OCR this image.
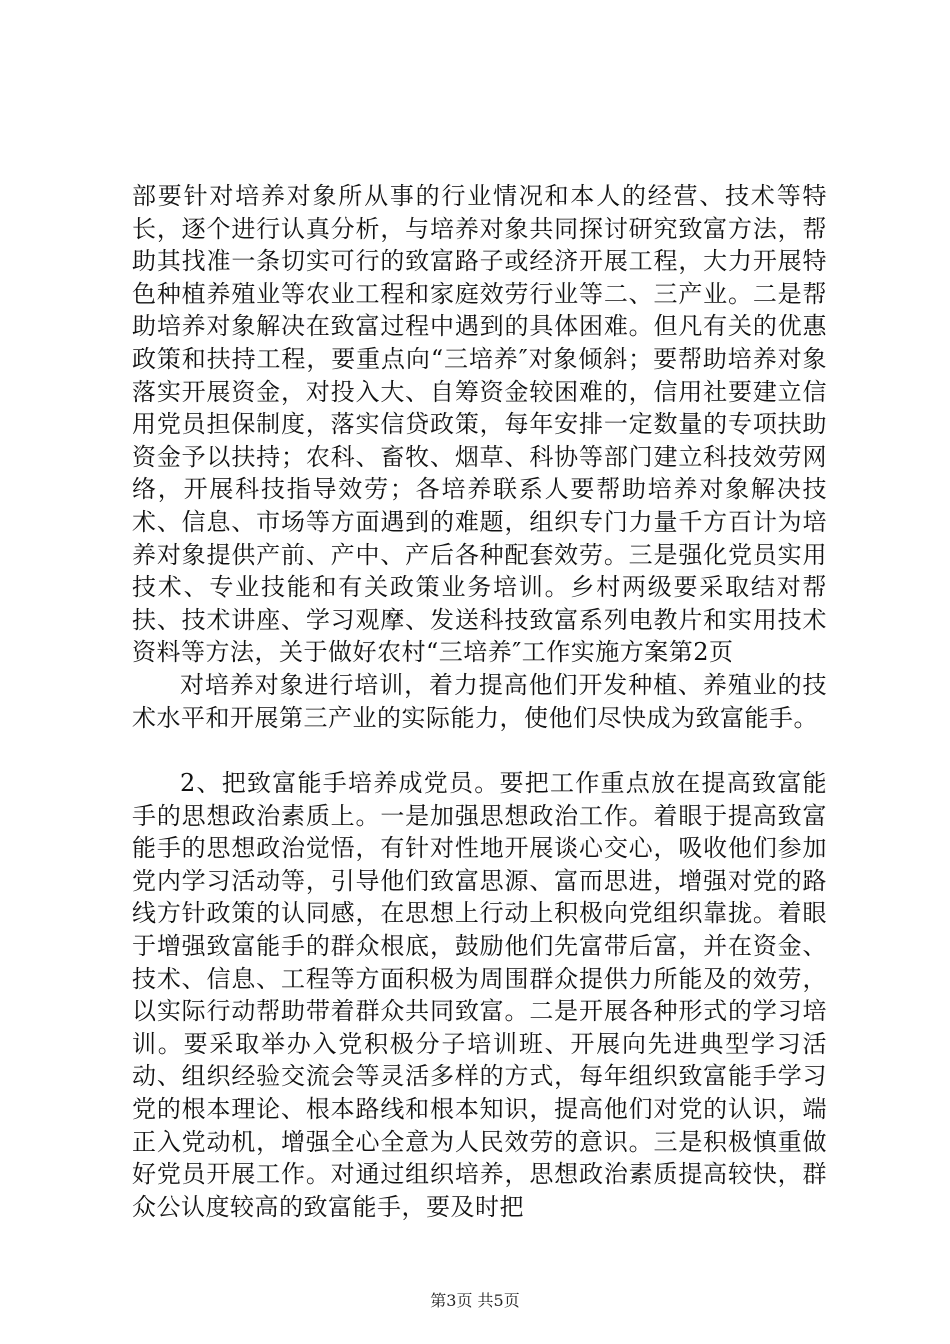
部要针对培养对象所从事的行业情况和本人的经营、技术等特长，逐个进行认真分析，与培养对象共同探讨研究致富方法，帮助其找准一条切实可行的致富路子或经济开展工程，大力开展特色种植养殖业等农业工程和家庭效劳行业等二、三产业。二是帮助培养对象解决在致富过程中遇到的具体困难。但凡有关的优惠政策和扶持工程，要重点向“三培养″对象倾斜；要帮助培养对象落实开展资金，对投入大、自筹资金较困难的，信用社要建立信用党员担保制度，落实信贷政策，每年安排一定数量的专项扶助资金予以扶持；农科、畜牧、烟草、科协等部门建立科技效劳网络，开展科技指导效劳；各培养联系人要帮助培养对象解决技术、信息、市场等方面遇到的难题，组织专门力量千方百计为培养对象提供产前、产中、产后各种配套效劳。三是强化党员实用技术、专业技能和有关政策业务培训。乡村两级要采取结对帮扶、技术讲座、学习观摩、发送科技致富系列电教片和实用技术资料等方法，关于做好农村“三培养″工作实施方案第2页

对培养对象进行培训，着力提高他们开发种植、养殖业的技术水平和开展第三产业的实际能力，使他们尽快成为致富能手。

2、把致富能手培养成党员。要把工作重点放在提高致富能手的思想政治素质上。一是加强思想政治工作。着眼于提高致富能手的思想政治觉悟，有针对性地开展谈心交心，吸收他们参加党内学习活动等，引导他们致富思源、富而思进，增强对党的路线方针政策的认同感，在思想上行动上积极向党组织靠拢。着眼于增强致富能手的群众根底，鼓励他们先富带后富，并在资金、技术、信息、工程等方面积极为周围群众提供力所能及的效劳，以实际行动帮助带着群众共同致富。二是开展各种形式的学习培训。要采取举办入党积极分子培训班、开展向先进典型学习活动、组织经验交流会等灵活多样的方式，每年组织致富能手学习党的根本理论、根本路线和根本知识，提高他们对党的认识，端正入党动机，增强全心全意为人民效劳的意识。三是积极慎重做好党员开展工作。对通过组织培养，思想政治素质提高较快，群众公认度较高的致富能手，要及时把

第3页 共5页
